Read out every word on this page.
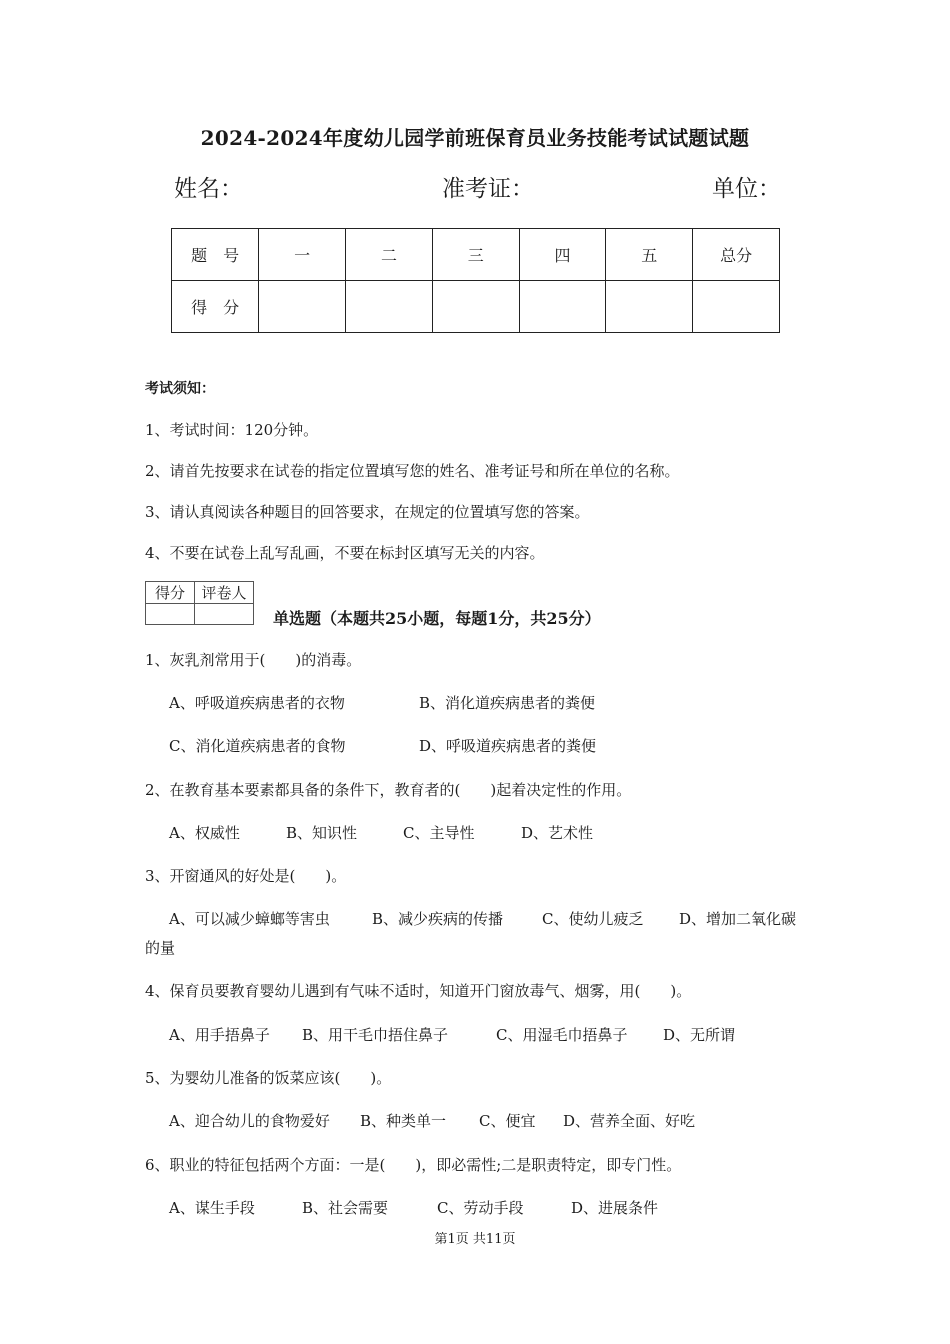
2024-2024年度幼儿园学前班保育员业务技能考试试题试题
姓名：	准考证：	单位：
题　号	一	二	三	四	五	总分
得　分						
考试须知：
1、考试时间：120分钟。
2、请首先按要求在试卷的指定位置填写您的姓名、准考证号和所在单位的名称。
3、请认真阅读各种题目的回答要求，在规定的位置填写您的答案。
4、不要在试卷上乱写乱画，不要在标封区填写无关的内容。
得分	评卷人

单选题（本题共25小题，每题1分，共25分）
1、灰乳剂常用于(　　)的消毒。
A、呼吸道疾病患者的衣物	B、消化道疾病患者的粪便
C、消化道疾病患者的食物	D、呼吸道疾病患者的粪便
2、在教育基本要素都具备的条件下，教育者的(　　)起着决定性的作用。
A、权威性	B、知识性	C、主导性	D、艺术性
3、开窗通风的好处是(　　)。
A、可以减少蟑螂等害虫	B、减少疾病的传播	C、使幼儿疲乏 D、增加二氧化碳
的量
4、保育员要教育婴幼儿遇到有气味不适时，知道开门窗放毒气、烟雾，用(　　)。
A、用手捂鼻子 B、用干毛巾捂住鼻子	C、用湿毛巾捂鼻子 D、无所谓
5、为婴幼儿准备的饭菜应该(　　)。
A、迎合幼儿的食物爱好 B、种类单一 C、便宜 D、营养全面、好吃
6、职业的特征包括两个方面：一是(　　)，即必需性;二是职责特定，即专门性。
A、谋生手段	B、社会需要	C、劳动手段	D、进展条件
第1页 共11页
